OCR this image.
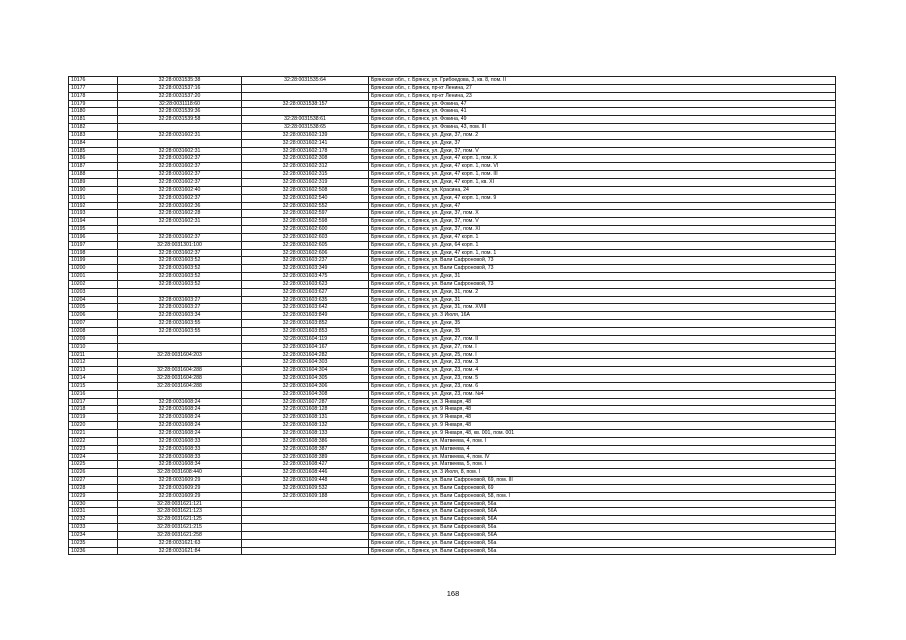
10176	32:28:0031535:38	32:28:0031535:64	Брянская обл., г. Брянск, ул. Грибоедова, 3, кв. 8, пом. II
10177	32:28:0031537:16		Брянская обл., г. Брянск, пр-кт Ленина, 27
10178	32:28:0031537:20		Брянская обл., г. Брянск, пр-кт Ленина, 23
10179	32:28:0031118:60	32:28:0031538:157	Брянская обл., г. Брянск, ул. Фокина, 47
10180	32:28:0031539:36		Брянская обл., г. Брянск, ул. Фокина, 41
10181	32:28:0031539:58	32:28:0031538:61	Брянская обл., г. Брянск, ул. Фокина, 49
10182		32:28:0031538:65	Брянская обл., г. Брянск, ул. Фокина, 43, пом. III
10183	32:28:0031602:31	32:28:0031602:139	Брянская обл., г. Брянск, ул. Дуки, 37, пом. 2
10184		32:28:0031602:141	Брянская обл., г. Брянск, ул. Дуки, 37
10185	32:28:0031602:31	32:28:0031602:178	Брянская обл., г. Брянск, ул. Дуки, 37, пом. V
10186	32:28:0031602:37	32:28:0031602:308	Брянская обл., г. Брянск, ул. Дуки, 47 корп. 1, пом. X
10187	32:28:0031602:37	32:28:0031602:312	Брянская обл., г. Брянск, ул. Дуки, 47 корп. 1, пом. VI
10188	32:28:0031602:37	32:28:0031602:315	Брянская обл., г. Брянск, ул. Дуки, 47 корп. 1, пом. III
10189	32:28:0031602:37	32:28:0031602:319	Брянская обл., г. Брянск, ул. Дуки, 47 корп. 1, кв. XI
10190	32:28:0031602:40	32:28:0031602:508	Брянская обл., г. Брянск, ул. Красина, 24
10191	32:28:0031602:37	32:28:0031602:540	Брянская обл., г. Брянск, ул. Дуки, 47 корп. 1, пом. 9
10192	32:28:0031602:36	32:28:0031602:552	Брянская обл., г. Брянск, ул. Дуки, 47
10193	32:28:0031602:28	32:28:0031602:597	Брянская обл., г. Брянск, ул. Дуки, 37, пом. X
10194	32:28:0031602:31	32:28:0031602:598	Брянская обл., г. Брянск, ул. Дуки, 37, пом. V
10195		32:28:0031602:600	Брянская обл., г. Брянск, ул. Дуки, 37, пом. XI
10196	32:28:0031602:37	32:28:0031602:603	Брянская обл., г. Брянск, ул. Дуки, 47 корп. 1
10197	32:28:0031301:100	32:28:0031602:605	Брянская обл., г. Брянск, ул. Дуки, 64 корп. 1
10198	32:28:0031602:37	32:28:0031602:606	Брянская обл., г. Брянск, ул. Дуки, 47 корп. 1, пом. 1
10199	32:28:0031603:52	32:28:0031603:237	Брянская обл., г. Брянск, ул. Вали Сафроновой, 73
10200	32:28:0031603:52	32:28:0031603:349	Брянская обл., г. Брянск, ул. Вали Сафроновой, 73
10201	32:28:0031603:52	32:28:0031603:475	Брянская обл., г. Брянск, ул. Дуки, 31
10202	32:28:0031603:52	32:28:0031603:623	Брянская обл., г. Брянск, ул. Вали Сафроновой, 73
10203		32:28:0031603:627	Брянская обл., г. Брянск, ул. Дуки, 31, пом. 2
10204	32:28:0031603:27	32:28:0031603:635	Брянская обл., г. Брянск, ул. Дуки, 31
10205	32:28:0031603:27	32:28:0031603:642	Брянская обл., г. Брянск, ул. Дуки, 31, пом. XVIII
10206	32:28:0031603:34	32:28:0031603:849	Брянская обл., г. Брянск, ул. 3 Июля, 16А
10207	32:28:0031603:55	32:28:0031603:852	Брянская обл., г. Брянск, ул. Дуки, 35
10208	32:28:0031603:55	32:28:0031603:853	Брянская обл., г. Брянск, ул. Дуки, 35
10209		32:28:0031604:119	Брянская обл., г. Брянск, ул. Дуки, 27, пом. II
10210		32:28:0031604:167	Брянская обл., г. Брянск, ул. Дуки, 27, пом. I
10211	32:28:0031604:203	32:28:0031604:282	Брянская обл., г. Брянск, ул. Дуки, 25, пом. I
10212		32:28:0031604:303	Брянская обл., г. Брянск, ул. Дуки, 23, пом. 3
10213	32:28:0031604:288	32:28:0031604:304	Брянская обл., г. Брянск, ул. Дуки, 23, пом. 4
10214	32:28:0031604:288	32:28:0031604:305	Брянская обл., г. Брянск, ул. Дуки, 23, пом. 5
10215	32:28:0031604:288	32:28:0031604:306	Брянская обл., г. Брянск, ул. Дуки, 23, пом. 6
10216		32:28:0031604:308	Брянская обл., г. Брянск, ул. Дуки, 23, пом. №4
10217	32:28:0031608:24	32:28:0031607:287	Брянская обл., г. Брянск, ул. 3 Января, 48
10218	32:28:0031608:24	32:28:0031608:128	Брянская обл., г. Брянск, ул. 9 Января, 48
10219	32:28:0031608:24	32:28:0031608:131	Брянская обл., г. Брянск, ул. 9 Января, 48
10220	32:28:0031608:24	32:28:0031608:132	Брянская обл., г. Брянск, ул. 9 Января, 48
10221	32:28:0031608:24	32:28:0031608:133	Брянская обл., г. Брянск, ул. 9 Января, 48, кв. 001, пом. 001
10222	32:28:0031608:33	32:28:0031608:386	Брянская обл., г. Брянск, ул. Матвеева, 4, пом. I
10223	32:28:0031608:33	32:28:0031608:387	Брянская обл., г. Брянск, ул. Матвеева, 4
10224	32:28:0031608:33	32:28:0031608:389	Брянская обл., г. Брянск, ул. Матвеева, 4, пом. IV
10225	32:28:0031608:34	32:28:0031608:427	Брянская обл., г. Брянск, ул. Матвеева, 5, пом. I
10226	32:28:0031608:440	32:28:0031608:446	Брянская обл., г. Брянск, ул. 3 Июля, 8, пом. I
10227	32:28:0031609:29	32:28:0031609:448	Брянская обл., г. Брянск, ул. Вали Сафроновой, 69, пом. III
10228	32:28:0031609:29	32:28:0031609:532	Брянская обл., г. Брянск, ул. Вали Сафроновой, 69
10229	32:28:0031609:29	32:28:0031609:188	Брянская обл., г. Брянск, ул. Вали Сафроновой, 58, пом. I
10230	32:28:0031621:121		Брянская обл., г. Брянск, ул. Вали Сафроновой, 56а
10231	32:28:0031621:123		Брянская обл., г. Брянск, ул. Вали Сафроновой, 56А
10232	32:28:0031621:125		Брянская обл., г. Брянск, ул. Вали Сафроновой, 56А
10233	32:28:0031621:215		Брянская обл., г. Брянск, ул. Вали Сафроновой, 56а
10234	32:28:0031621:258		Брянская обл., г. Брянск, ул. Вали Сафроновой, 56А
10235	32:28:0031621:63		Брянская обл., г. Брянск, ул. Вали Сафроновой, 56а
10236	32:28:0031621:84		Брянская обл., г. Брянск, ул. Вали Сафроновой, 56а
168
